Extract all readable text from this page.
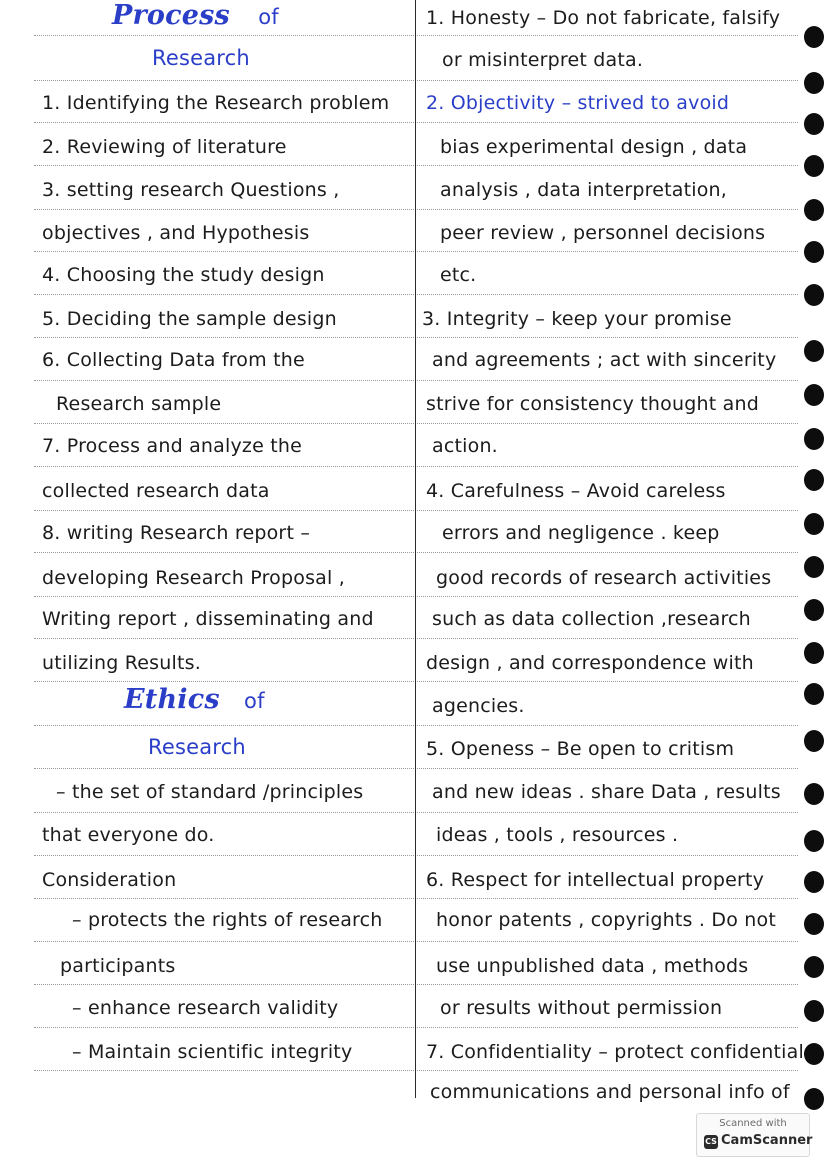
Process of
Research
1. Identifying the Research problem
2. Reviewing of literature
3. setting research Questions ,
objectives , and Hypothesis
4. Choosing the study design
5. Deciding the sample design
6. Collecting Data from the
Research sample
7. Process and analyze the
collected research data
8. writing Research report –
developing Research Proposal ,
Writing report , disseminating and
utilizing Results.
Ethics of
Research
– the set of standard /principles
that everyone do.
Consideration
– protects the rights of research
participants
– enhance research validity
– Maintain scientific integrity
1. Honesty – Do not fabricate, falsify
or misinterpret data.
2. Objectivity – strived to avoid
bias experimental design , data
analysis , data interpretation,
peer review , personnel decisions
etc.
3. Integrity – keep your promise
and agreements ; act with sincerity
strive for consistency thought and
action.
4. Carefulness – Avoid careless
errors and negligence . keep
good records of research activities
such as data collection ,research
design , and correspondence with
agencies.
5. Openess – Be open to critism
and new ideas . share Data , results
ideas , tools , resources .
6. Respect for intellectual property
honor patents , copyrights . Do not
use unpublished data , methods
or results without permission
7. Confidentiality – protect confidential
communications and personal info of
Scanned with
CS CamScanner
